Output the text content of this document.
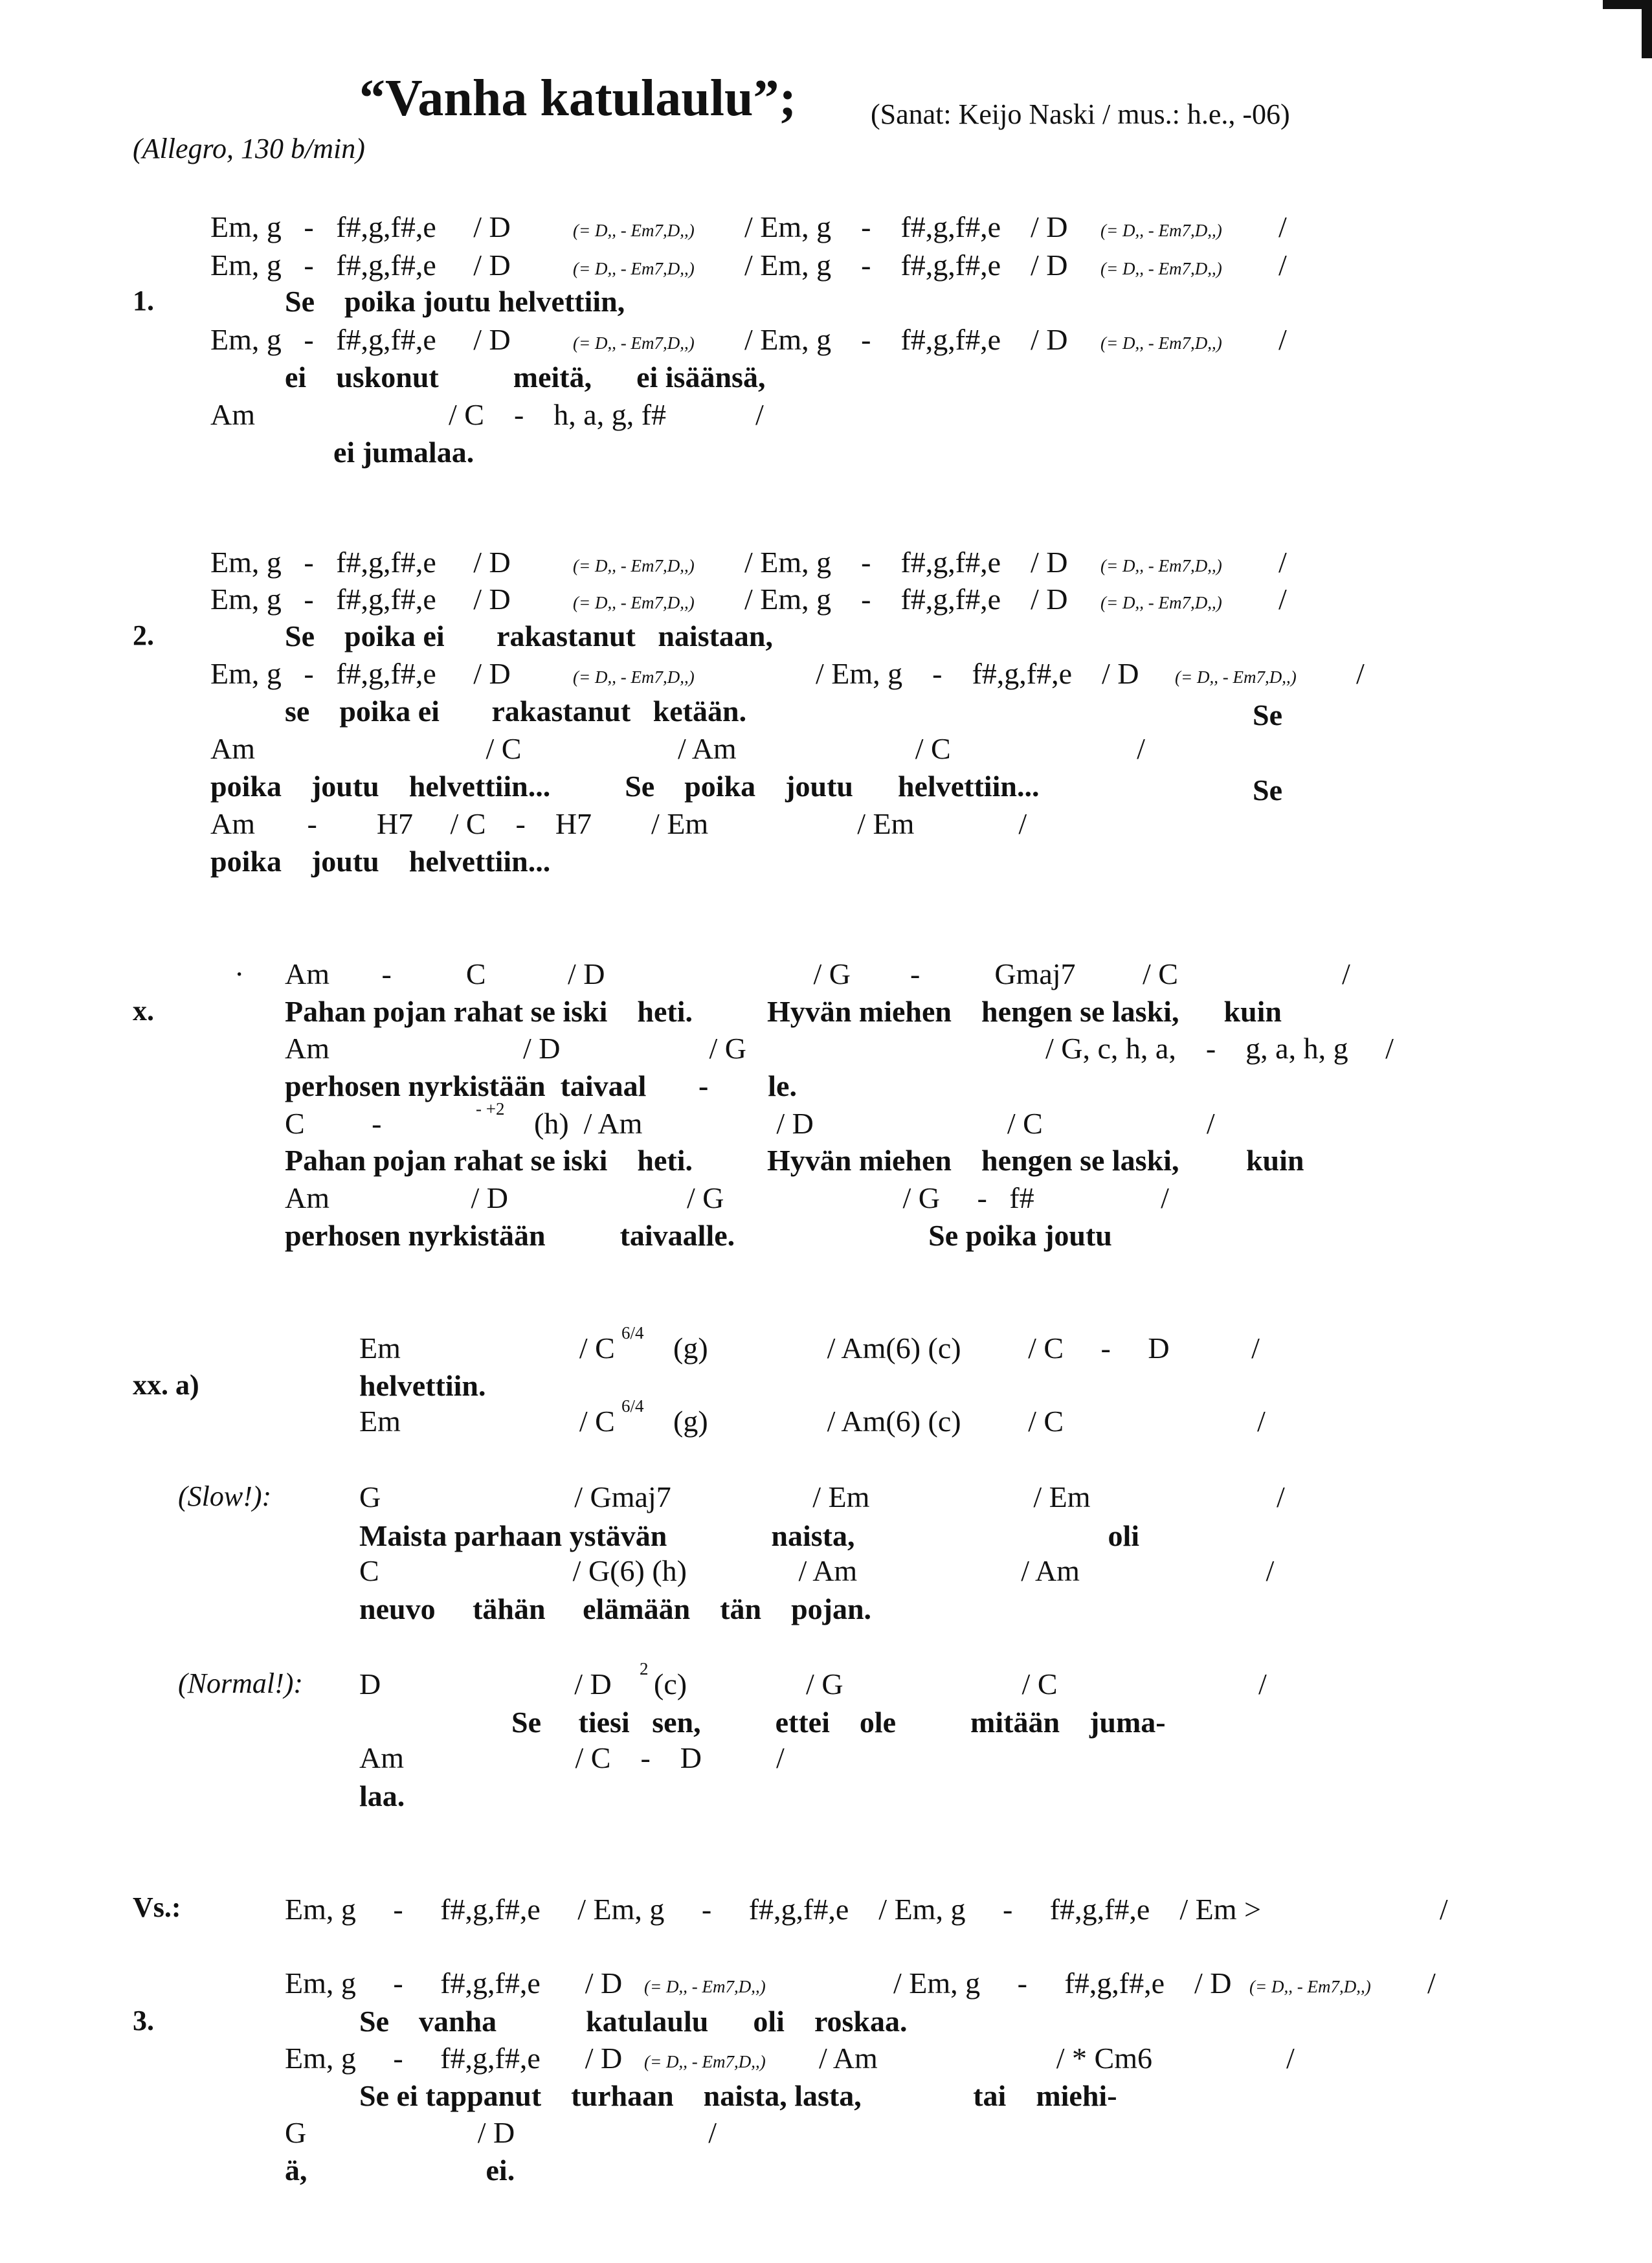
“Vanha katulaulu”;	(Sanat: Keijo Naski / mus.: h.e., -06)
(Allegro, 130 b/min)
Em, g   -   f#,g,f#,e     / D	(= D,, - Em7,D,,) / Em, g    -    f#,g,f#,e    / D (= D,, - Em7,D,,) /
Em, g   -   f#,g,f#,e     / D	(= D,, - Em7,D,,) / Em, g    -    f#,g,f#,e    / D (= D,, - Em7,D,,) /
1.	Se    poika joutu helvettiin,
Em, g   -   f#,g,f#,e     / D	(= D,, - Em7,D,,) / Em, g    -    f#,g,f#,e    / D (= D,, - Em7,D,,) /
ei    uskonut          meitä,      ei isäänsä,
Am                          / C    -    h, a, g, f#            /
ei jumalaa.
Em, g   -   f#,g,f#,e     / D	(= D,, - Em7,D,,) / Em, g    -    f#,g,f#,e    / D (= D,, - Em7,D,,) /
Em, g   -   f#,g,f#,e     / D	(= D,, - Em7,D,,) / Em, g    -    f#,g,f#,e    / D (= D,, - Em7,D,,) /
2.	Se    poika ei       rakastanut   naistaan,
Em, g   -   f#,g,f#,e     / D	(= D,, - Em7,D,,)	/ Em, g    -    f#,g,f#,e    / D (= D,, - Em7,D,,) /
se    poika ei       rakastanut   ketään.	Se
Am                               / C                     / Am                        / C                         /
poika    joutu    helvettiin...          Se    poika    joutu      helvettiin...	Se
Am       -        H7     / C    -    H7        / Em                    / Em              /
poika    joutu    helvettiin...
· Am       -          C           / D                            / G        -          Gmaj7         / C                      /
x.	Pahan pojan rahat se iski    heti.          Hyvän miehen    hengen se laski,      kuin
Am                          / D                    / G	/ G, c, h, a,    -    g, a, h, g     /
perhosen nyrkistään  taivaal       -        le.
C         -	- +2 (h)  / Am                  / D                          / C                      /
Pahan pojan rahat se iski    heti.          Hyvän miehen    hengen se laski,         kuin
Am                   / D                        / G                        / G     -   f#                 /
perhosen nyrkistään          taivaalle.                          Se poika joutu
Em                        / C 6/4 (g)                / Am(6) (c)         / C     -     D           /
xx. a)	helvettiin.
Em                        / C 6/4 (g)                / Am(6) (c)         / C                          /
(Slow!):	G                          / Gmaj7                   / Em                      / Em                         /
Maista parhaan ystävän              naista,                                  oli
C                          / G(6) (h)               / Am                      / Am                         /
neuvo     tähän     elämään    tän    pojan.
(Normal!): D                          / D 2 (c)                / G                        / C                           /
Se     tiesi   sen,          ettei    ole          mitään    juma-
Am                       / C    -    D          /
laa.
Vs.:	Em, g     -     f#,g,f#,e     / Em, g     -     f#,g,f#,e    / Em, g     -     f#,g,f#,e    / Em >                        /
Em, g     -     f#,g,f#,e      / D (= D,, - Em7,D,,)	/ Em, g     -     f#,g,f#,e    / D (= D,, - Em7,D,,) /
3.	Se    vanha            katulaulu      oli    roskaa.
Em, g     -     f#,g,f#,e      / D (= D,, - Em7,D,,) / Am                        / * Cm6                  /
Se ei tappanut    turhaan    naista, lasta,               tai    miehi-
G                       / D                          /
ä,                        ei.
